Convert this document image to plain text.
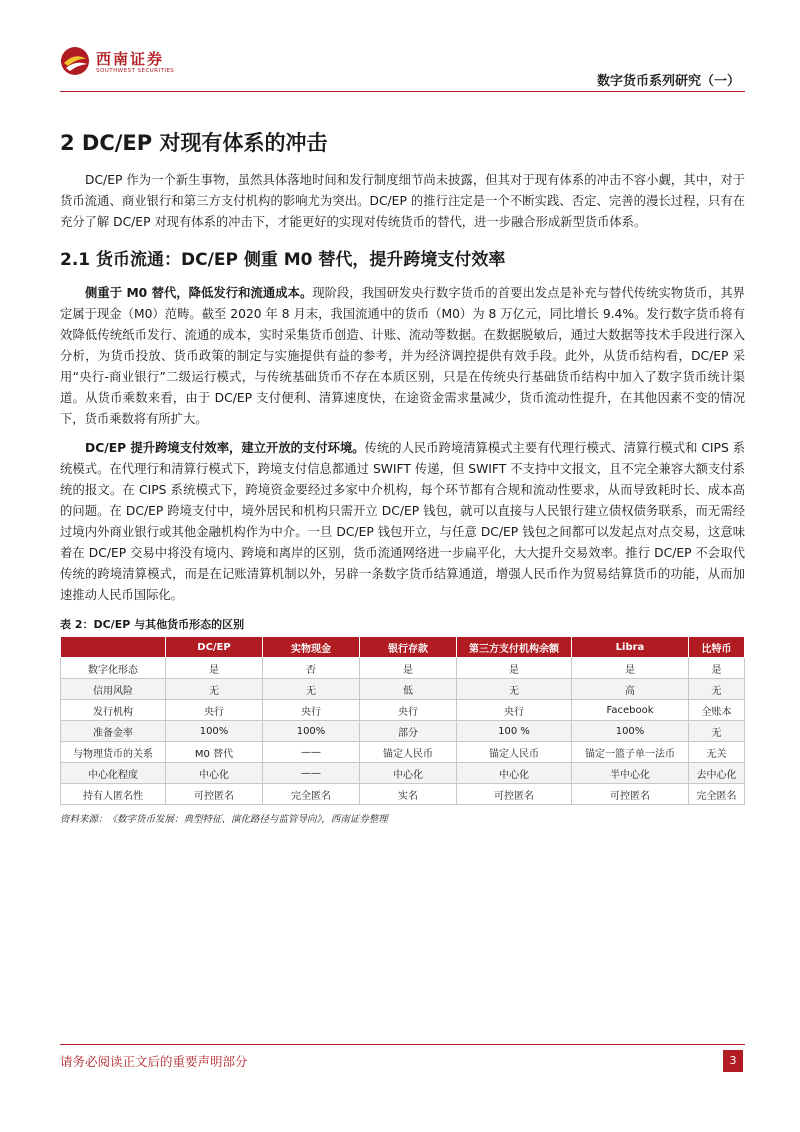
西南证券
SOUTHWEST SECURITIES
数字货币系列研究（一）
2 DC/EP 对现有体系的冲击

DC/EP 作为一个新生事物，虽然具体落地时间和发行制度细节尚未披露，但其对于现有体系的冲击不容小觑，其中，对于货币流通、商业银行和第三方支付机构的影响尤为突出。DC/EP 的推行注定是一个不断实践、否定、完善的漫长过程，只有在充分了解 DC/EP 对现有体系的冲击下，才能更好的实现对传统货币的替代，进一步融合形成新型货币体系。

2.1 货币流通：DC/EP 侧重 M0 替代，提升跨境支付效率

侧重于 M0 替代，降低发行和流通成本。现阶段，我国研发央行数字货币的首要出发点是补充与替代传统实物货币，其界定属于现金（M0）范畴。截至 2020 年 8 月末，我国流通中的货币（M0）为 8 万亿元，同比增长 9.4%。发行数字货币将有效降低传统纸币发行、流通的成本，实时采集货币创造、计账、流动等数据。在数据脱敏后，通过大数据等技术手段进行深入分析，为货币投放、货币政策的制定与实施提供有益的参考，并为经济调控提供有效手段。此外，从货币结构看，DC/EP 采用“央行-商业银行”二级运行模式，与传统基础货币不存在本质区别，只是在传统央行基础货币结构中加入了数字货币统计渠道。从货币乘数来看，由于 DC/EP 支付便利、清算速度快，在途资金需求量减少，货币流动性提升，在其他因素不变的情况下，货币乘数将有所扩大。

DC/EP 提升跨境支付效率，建立开放的支付环境。传统的人民币跨境清算模式主要有代理行模式、清算行模式和 CIPS 系统模式。在代理行和清算行模式下，跨境支付信息都通过 SWIFT 传递，但 SWIFT 不支持中文报文，且不完全兼容大额支付系统的报文。在 CIPS 系统模式下，跨境资金要经过多家中介机构，每个环节都有合规和流动性要求，从而导致耗时长、成本高的问题。在 DC/EP 跨境支付中，境外居民和机构只需开立 DC/EP 钱包，就可以直接与人民银行建立债权债务联系，而无需经过境内外商业银行或其他金融机构作为中介。一旦 DC/EP 钱包开立，与任意 DC/EP 钱包之间都可以发起点对点交易，这意味着在 DC/EP 交易中将没有境内、跨境和离岸的区别，货币流通网络进一步扁平化，大大提升交易效率。推行 DC/EP 不会取代传统的跨境清算模式，而是在记账清算机制以外，另辟一条数字货币结算通道，增强人民币作为贸易结算货币的功能，从而加速推动人民币国际化。

表 2：DC/EP 与其他货币形态的区别
	DC/EP	实物现金	银行存款	第三方支付机构余额	Libra	比特币
数字化形态	是	否	是	是	是	是
信用风险	无	无	低	无	高	无
发行机构	央行	央行	央行	央行	Facebook	全账本
准备金率	100%	100%	部分	100 %	100%	无
与物理货币的关系	M0 替代	——	锚定人民币	锚定人民币	锚定一篮子单一法币	无关
中心化程度	中心化	——	中心化	中心化	半中心化	去中心化
持有人匿名性	可控匿名	完全匿名	实名	可控匿名	可控匿名	完全匿名
资料来源：《数字货币发展：典型特征、演化路径与监管导向》，西南证券整理
请务必阅读正文后的重要声明部分	3
